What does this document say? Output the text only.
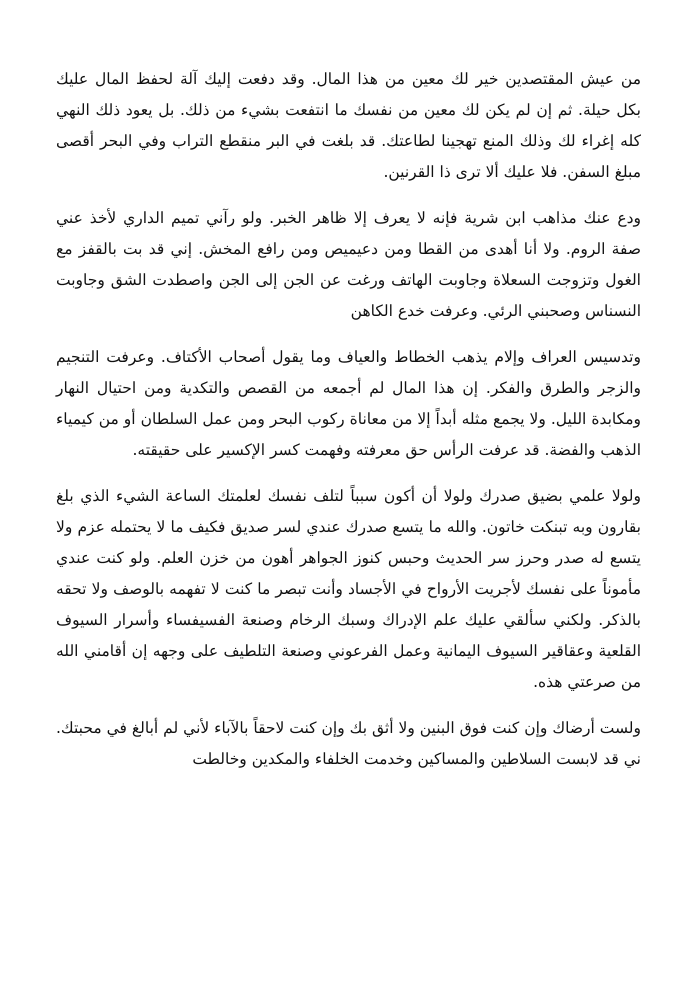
من عيش المقتصدين خير لك معين من هذا المال. وقد دفعت إليك آلة لحفظ المال عليك بكل حيلة. ثم إن لم يكن لك معين من نفسك ما انتفعت بشيء من ذلك. بل يعود ذلك النهي كله إغراء لك وذلك المنع تهجينا لطاعتك. قد بلغت في البر منقطع التراب وفي البحر أقصى مبلغ السفن. فلا عليك ألا ترى ذا القرنين.

ودع عنك مذاهب ابن شرية فإنه لا يعرف إلا ظاهر الخبر. ولو رآني تميم الداري لأخذ عني صفة الروم. ولا أنا أهدى من القطا ومن دعيميص ومن رافع المخش. إني قد بت بالقفز مع الغول وتزوجت السعلاة وجاوبت الهاتف ورغت عن الجن إلى الجن واصطدت الشق وجاوبت النسناس وصحبني الرئي. وعرفت خدع الكاهن

وتدسيس العراف وإلام يذهب الخطاط والعياف وما يقول أصحاب الأكتاف. وعرفت التنجيم والزجر والطرق والفكر. إن هذا المال لم أجمعه من القصص والتكدية ومن احتيال النهار ومكابدة الليل. ولا يجمع مثله أبداً إلا من معاناة ركوب البحر ومن عمل السلطان أو من كيمياء الذهب والفضة. قد عرفت الرأس حق معرفته وفهمت كسر الإكسير على حقيقته.

ولولا علمي بضيق صدرك ولولا أن أكون سبباً لتلف نفسك لعلمتك الساعة الشيء الذي بلغ بقارون وبه تبنكت خاتون. والله ما يتسع صدرك عندي لسر صديق فكيف ما لا يحتمله عزم ولا يتسع له صدر وحرز سر الحديث وحبس كنوز الجواهر أهون من خزن العلم. ولو كنت عندي مأموناً على نفسك لأجريت الأرواح في الأجساد وأنت تبصر ما كنت لا تفهمه بالوصف ولا تحقه بالذكر. ولكني سألقي عليك علم الإدراك وسبك الرخام وصنعة الفسيفساء وأسرار السيوف القلعية وعقاقير السيوف اليمانية وعمل الفرعوني وصنعة التلطيف على وجهه إن أقامني الله من صرعتي هذه.

ولست أرضاك وإن كنت فوق البنين ولا أثق بك وإن كنت لاحقاً بالآباء لأني لم أبالغ في محبتك. ني قد لابست السلاطين والمساكين وخدمت الخلفاء والمكدين وخالطت
